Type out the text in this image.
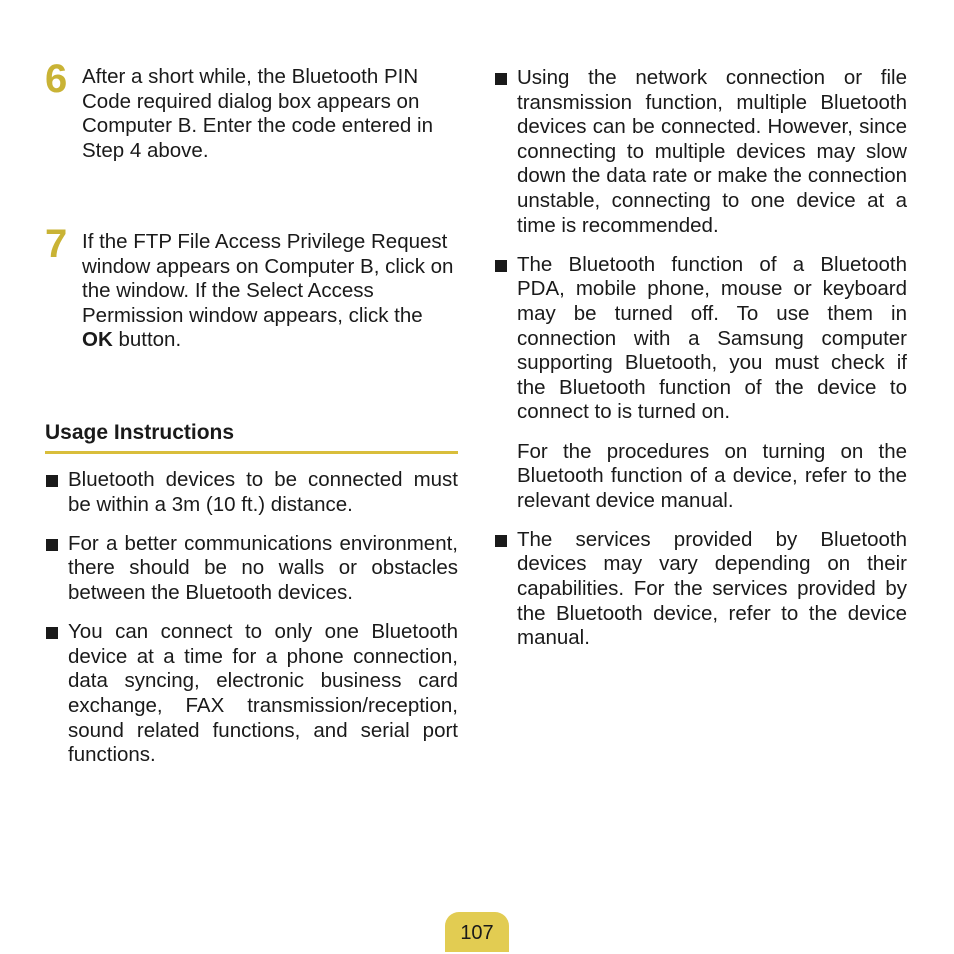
6 After a short while, the Bluetooth PIN Code required dialog box appears on Computer B. Enter the code entered in Step 4 above.
7 If the FTP File Access Privilege Request window appears on Computer B, click on the window. If the Select Access Permission window appears, click the OK button.
Usage Instructions
Bluetooth devices to be connected must be within a 3m (10 ft.) distance.
For a better communications environment, there should be no walls or obstacles between the Bluetooth devices.
You can connect to only one Bluetooth device at a time for a phone connection, data syncing, electronic business card exchange, FAX transmission/reception, sound related functions, and serial port functions.
Using the network connection or file transmission function, multiple Bluetooth devices can be connected. However, since connecting to multiple devices may slow down the data rate or make the connection unstable, connecting to one device at a time is recommended.
The Bluetooth function of a Bluetooth PDA, mobile phone, mouse or keyboard may be turned off. To use them in connection with a Samsung computer supporting Bluetooth, you must check if the Bluetooth function of the device to connect to is turned on.
For the procedures on turning on the Bluetooth function of a device, refer to the relevant device manual.
The services provided by Bluetooth devices may vary depending on their capabilities. For the services provided by the Bluetooth device, refer to the device manual.
107
